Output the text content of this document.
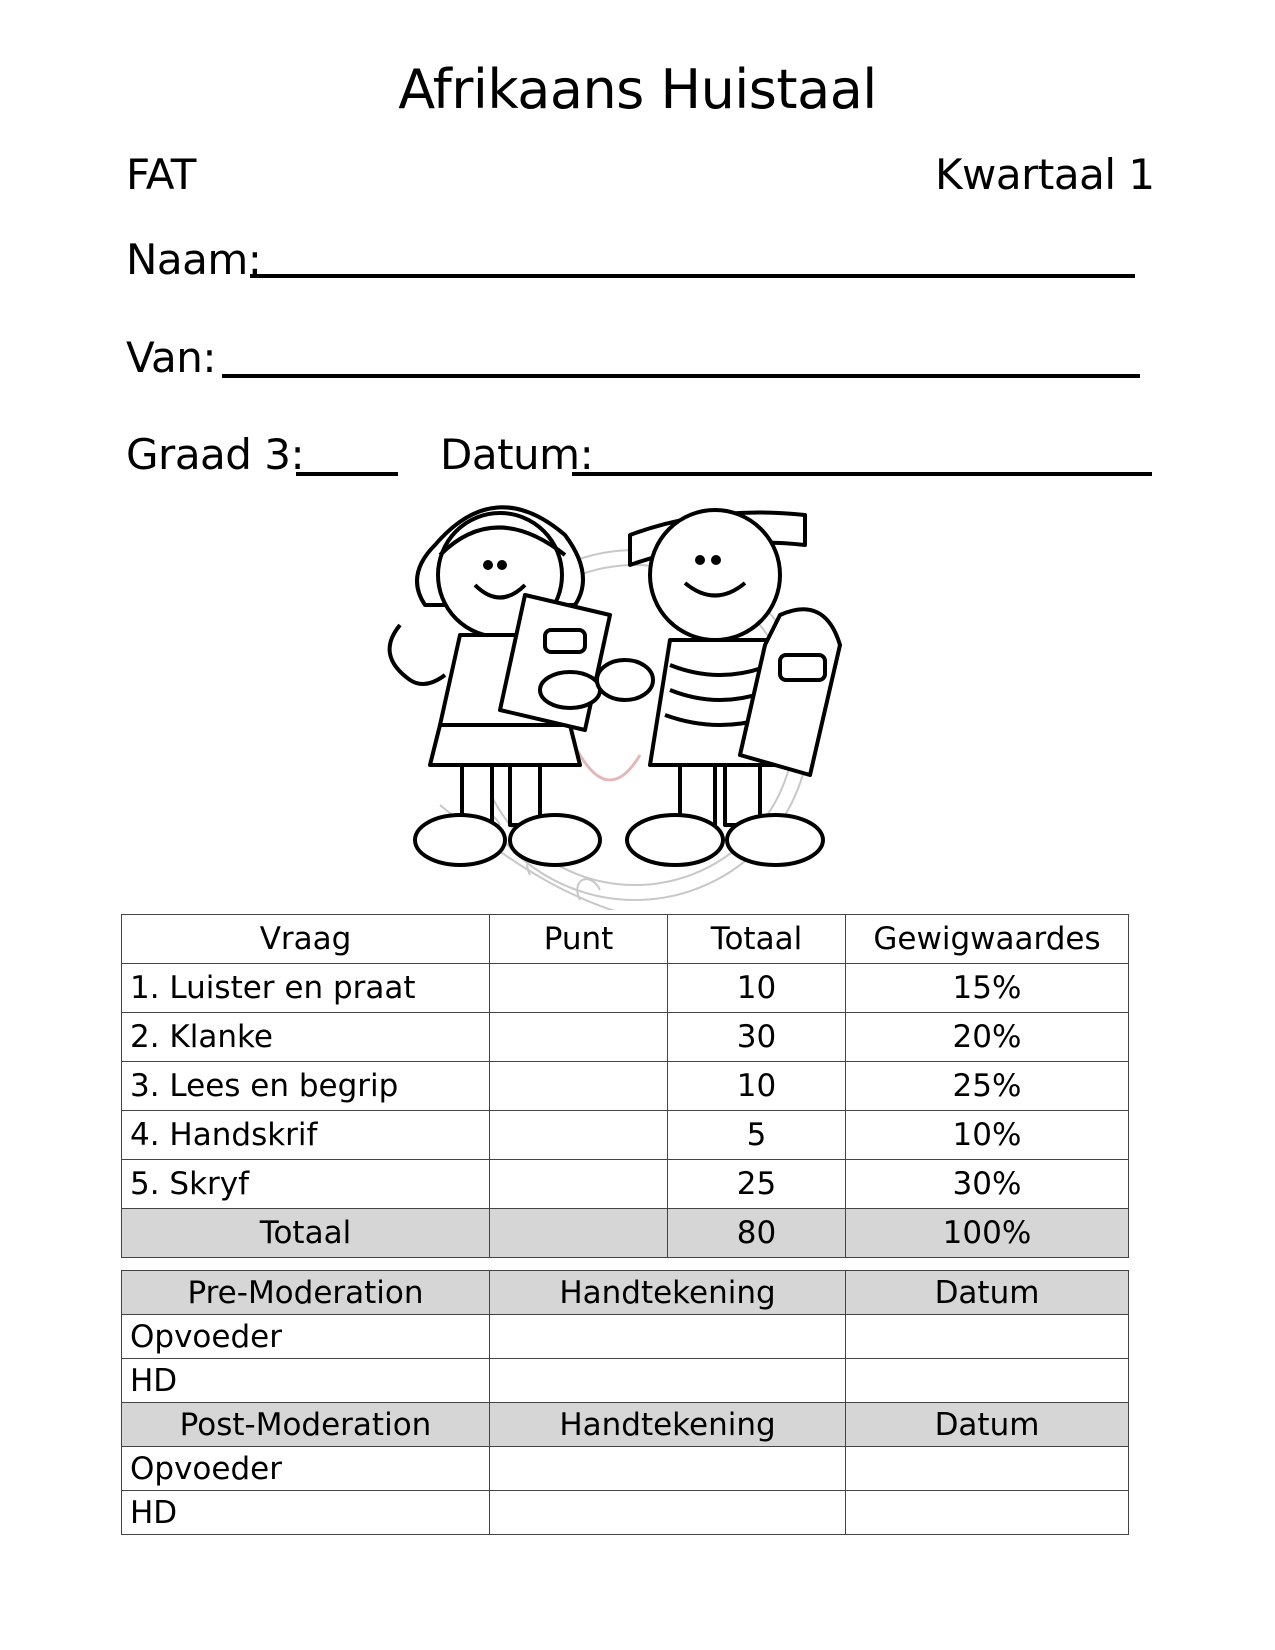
Afrikaans Huistaal
FAT	Kwartaal 1
Naam:
Van:
Graad 3:	Datum:
Vraag	Punt	Totaal	Gewigwaardes
1. Luister en praat		10	15%
2. Klanke		30	20%
3. Lees en begrip		10	25%
4. Handskrif		5	10%
5. Skryf		25	30%
Totaal		80	100%
Pre-Moderation	Handtekening	Datum
Opvoeder		
HD		
Post-Moderation	Handtekening	Datum
Opvoeder		
HD		
